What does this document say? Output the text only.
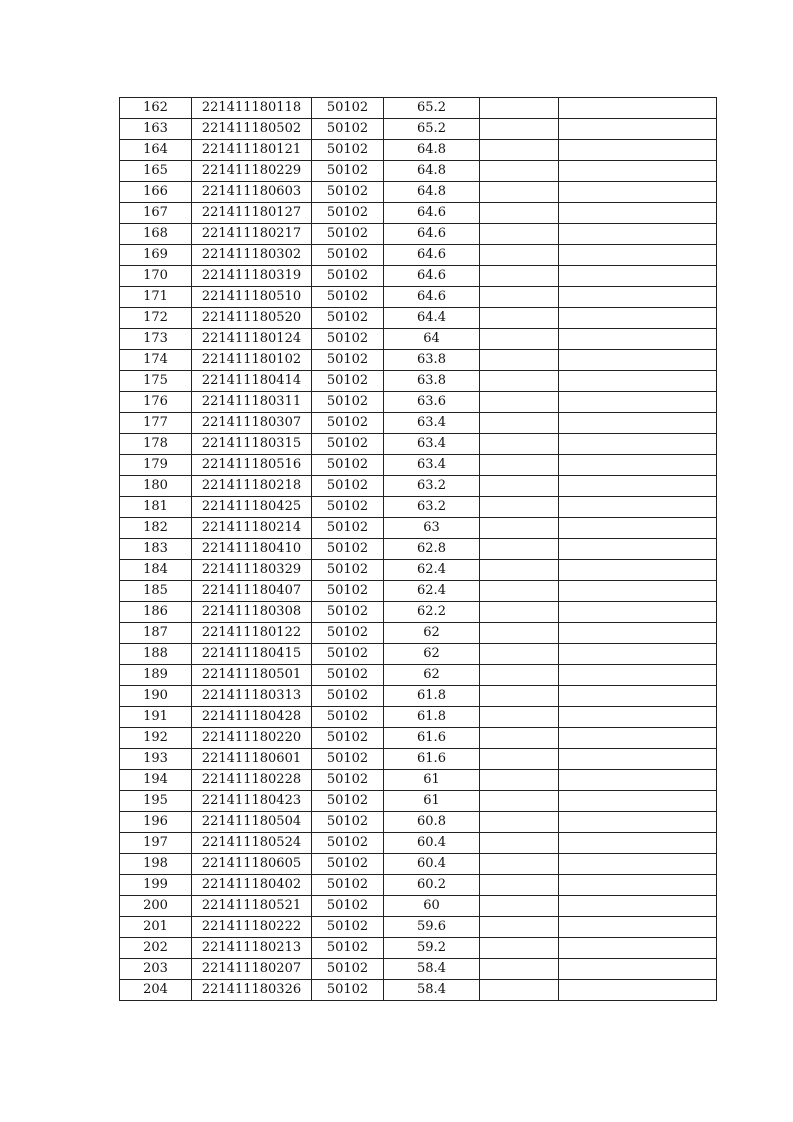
162	221411180118	50102	65.2		
163	221411180502	50102	65.2		
164	221411180121	50102	64.8		
165	221411180229	50102	64.8		
166	221411180603	50102	64.8		
167	221411180127	50102	64.6		
168	221411180217	50102	64.6		
169	221411180302	50102	64.6		
170	221411180319	50102	64.6		
171	221411180510	50102	64.6		
172	221411180520	50102	64.4		
173	221411180124	50102	64		
174	221411180102	50102	63.8		
175	221411180414	50102	63.8		
176	221411180311	50102	63.6		
177	221411180307	50102	63.4		
178	221411180315	50102	63.4		
179	221411180516	50102	63.4		
180	221411180218	50102	63.2		
181	221411180425	50102	63.2		
182	221411180214	50102	63		
183	221411180410	50102	62.8		
184	221411180329	50102	62.4		
185	221411180407	50102	62.4		
186	221411180308	50102	62.2		
187	221411180122	50102	62		
188	221411180415	50102	62		
189	221411180501	50102	62		
190	221411180313	50102	61.8		
191	221411180428	50102	61.8		
192	221411180220	50102	61.6		
193	221411180601	50102	61.6		
194	221411180228	50102	61		
195	221411180423	50102	61		
196	221411180504	50102	60.8		
197	221411180524	50102	60.4		
198	221411180605	50102	60.4		
199	221411180402	50102	60.2		
200	221411180521	50102	60		
201	221411180222	50102	59.6		
202	221411180213	50102	59.2		
203	221411180207	50102	58.4		
204	221411180326	50102	58.4		
